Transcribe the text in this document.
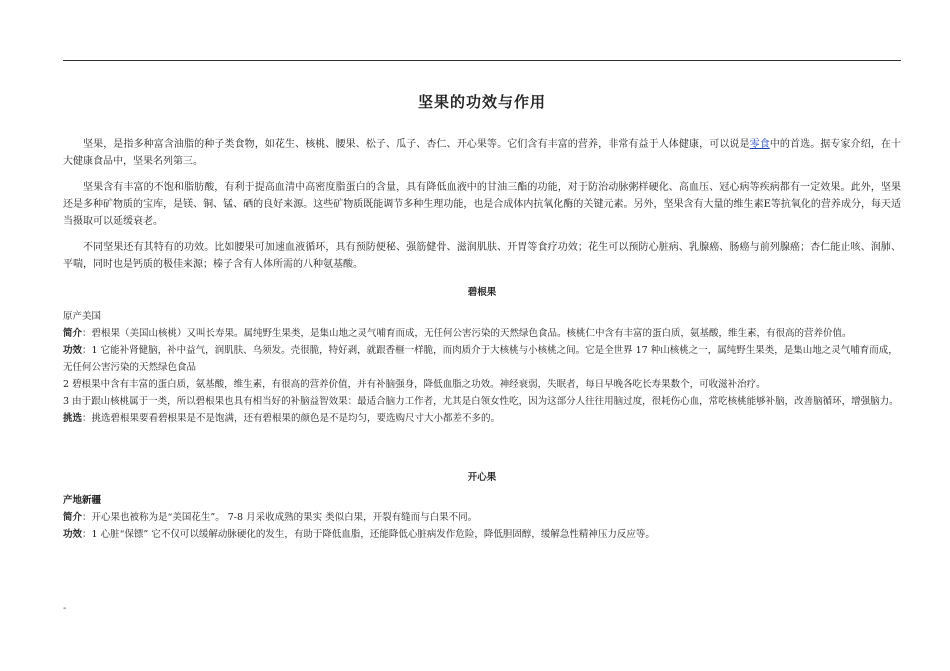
坚果的功效与作用

坚果，是指多种富含油脂的种子类食物，如花生、核桃、腰果、松子、瓜子、杏仁、开心果等。它们含有丰富的营养，非常有益于人体健康，可以说是零食中的首选。据专家介绍，在十大健康食品中，坚果名列第三。

坚果含有丰富的不饱和脂肪酸，有利于提高血清中高密度脂蛋白的含量，具有降低血液中的甘油三酯的功能，对于防治动脉粥样硬化、高血压、冠心病等疾病都有一定效果。此外，坚果还是多种矿物质的宝库，是镁、铜、锰、硒的良好来源。这些矿物质既能调节多种生理功能，也是合成体内抗氧化酶的关键元素。另外，坚果含有大量的维生素E等抗氧化的营养成分，每天适当摄取可以延缓衰老。

不同坚果还有其特有的功效。比如腰果可加速血液循环，具有预防便秘、强筋健骨、滋润肌肤、开胃等食疗功效；花生可以预防心脏病、乳腺癌、肠癌与前列腺癌；杏仁能止咳、润肺、平喘，同时也是钙质的极佳来源；榛子含有人体所需的八种氨基酸。

碧根果

原产美国

简介：碧根果（美国山核桃）又叫长寿果。属纯野生果类，是集山地之灵气哺育而成，无任何公害污染的天然绿色食品。核桃仁中含有丰富的蛋白质，氨基酸，维生素，有很高的营养价值。

功效：1 它能补肾健脑，补中益气，润肌肤、乌须发。壳很脆，特好剥，就跟香榧一样脆，而肉质介于大核桃与小核桃之间。它是全世界 17 种山核桃之一，属纯野生果类，是集山地之灵气哺育而成，无任何公害污染的天然绿色食品

2 碧根果中含有丰富的蛋白质，氨基酸，维生素，有很高的营养价值，并有补脑强身，降低血脂之功效。神经衰弱，失眠者，每日早晚各吃长寿果数个，可收滋补治疗。

3 由于跟山核桃属于一类，所以碧根果也具有相当好的补脑益智效果：最适合脑力工作者，尤其是白领女性吃，因为这部分人往往用脑过度，很耗伤心血，常吃核桃能够补脑，改善脑循环，增强脑力。

挑选：挑选碧根果要看碧根果是不是饱满，还有碧根果的颜色是不是均匀，要选购尺寸大小都差不多的。

开心果

产地新疆

简介：开心果也被称为是“美国花生”。 7-8 月采收成熟的果实 类似白果，开裂有缝而与白果不同。

功效：1 心脏“保镖” 它不仅可以缓解动脉硬化的发生，有助于降低血脂，还能降低心脏病发作危险，降低胆固醇，缓解急性精神压力反应等。

-
